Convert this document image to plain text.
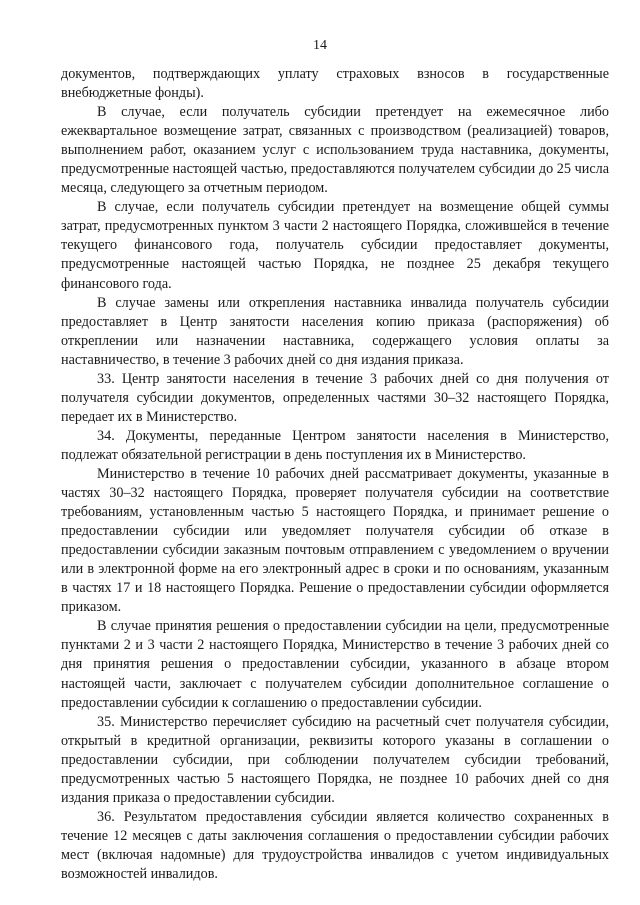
14

документов, подтверждающих уплату страховых взносов в государственные внебюджетные фонды).

В случае, если получатель субсидии претендует на ежемесячное либо ежеквартальное возмещение затрат, связанных с производством (реализацией) товаров, выполнением работ, оказанием услуг с использованием труда наставника, документы, предусмотренные настоящей частью, предоставляются получателем субсидии до 25 числа месяца, следующего за отчетным периодом.

В случае, если получатель субсидии претендует на возмещение общей суммы затрат, предусмотренных пунктом 3 части 2 настоящего Порядка, сложившейся в течение текущего финансового года, получатель субсидии предоставляет документы, предусмотренные настоящей частью Порядка, не позднее 25 декабря текущего финансового года.

В случае замены или открепления наставника инвалида получатель субсидии предоставляет в Центр занятости населения копию приказа (распоряжения) об откреплении или назначении наставника, содержащего условия оплаты за наставничество, в течение 3 рабочих дней со дня издания приказа.

33. Центр занятости населения в течение 3 рабочих дней со дня получения от получателя субсидии документов, определенных частями 30–32 настоящего Порядка, передает их в Министерство.

34. Документы, переданные Центром занятости населения в Министерство, подлежат обязательной регистрации в день поступления их в Министерство.

Министерство в течение 10 рабочих дней рассматривает документы, указанные в частях 30–32 настоящего Порядка, проверяет получателя субсидии на соответствие требованиям, установленным частью 5 настоящего Порядка, и принимает решение о предоставлении субсидии или уведомляет получателя субсидии об отказе в предоставлении субсидии заказным почтовым отправлением с уведомлением о вручении или в электронной форме на его электронный адрес в сроки и по основаниям, указанным в частях 17 и 18 настоящего Порядка. Решение о предоставлении субсидии оформляется приказом.

В случае принятия решения о предоставлении субсидии на цели, предусмотренные пунктами 2 и 3 части 2 настоящего Порядка, Министерство в течение 3 рабочих дней со дня принятия решения о предоставлении субсидии, указанного в абзаце втором настоящей части, заключает с получателем субсидии дополнительное соглашение о предоставлении субсидии к соглашению о предоставлении субсидии.

35. Министерство перечисляет субсидию на расчетный счет получателя субсидии, открытый в кредитной организации, реквизиты которого указаны в соглашении о предоставлении субсидии, при соблюдении получателем субсидии требований, предусмотренных частью 5 настоящего Порядка, не позднее 10 рабочих дней со дня издания приказа о предоставлении субсидии.

36. Результатом предоставления субсидии является количество сохраненных в течение 12 месяцев с даты заключения соглашения о предоставлении субсидии рабочих мест (включая надомные) для трудоустройства инвалидов с учетом индивидуальных возможностей инвалидов.
